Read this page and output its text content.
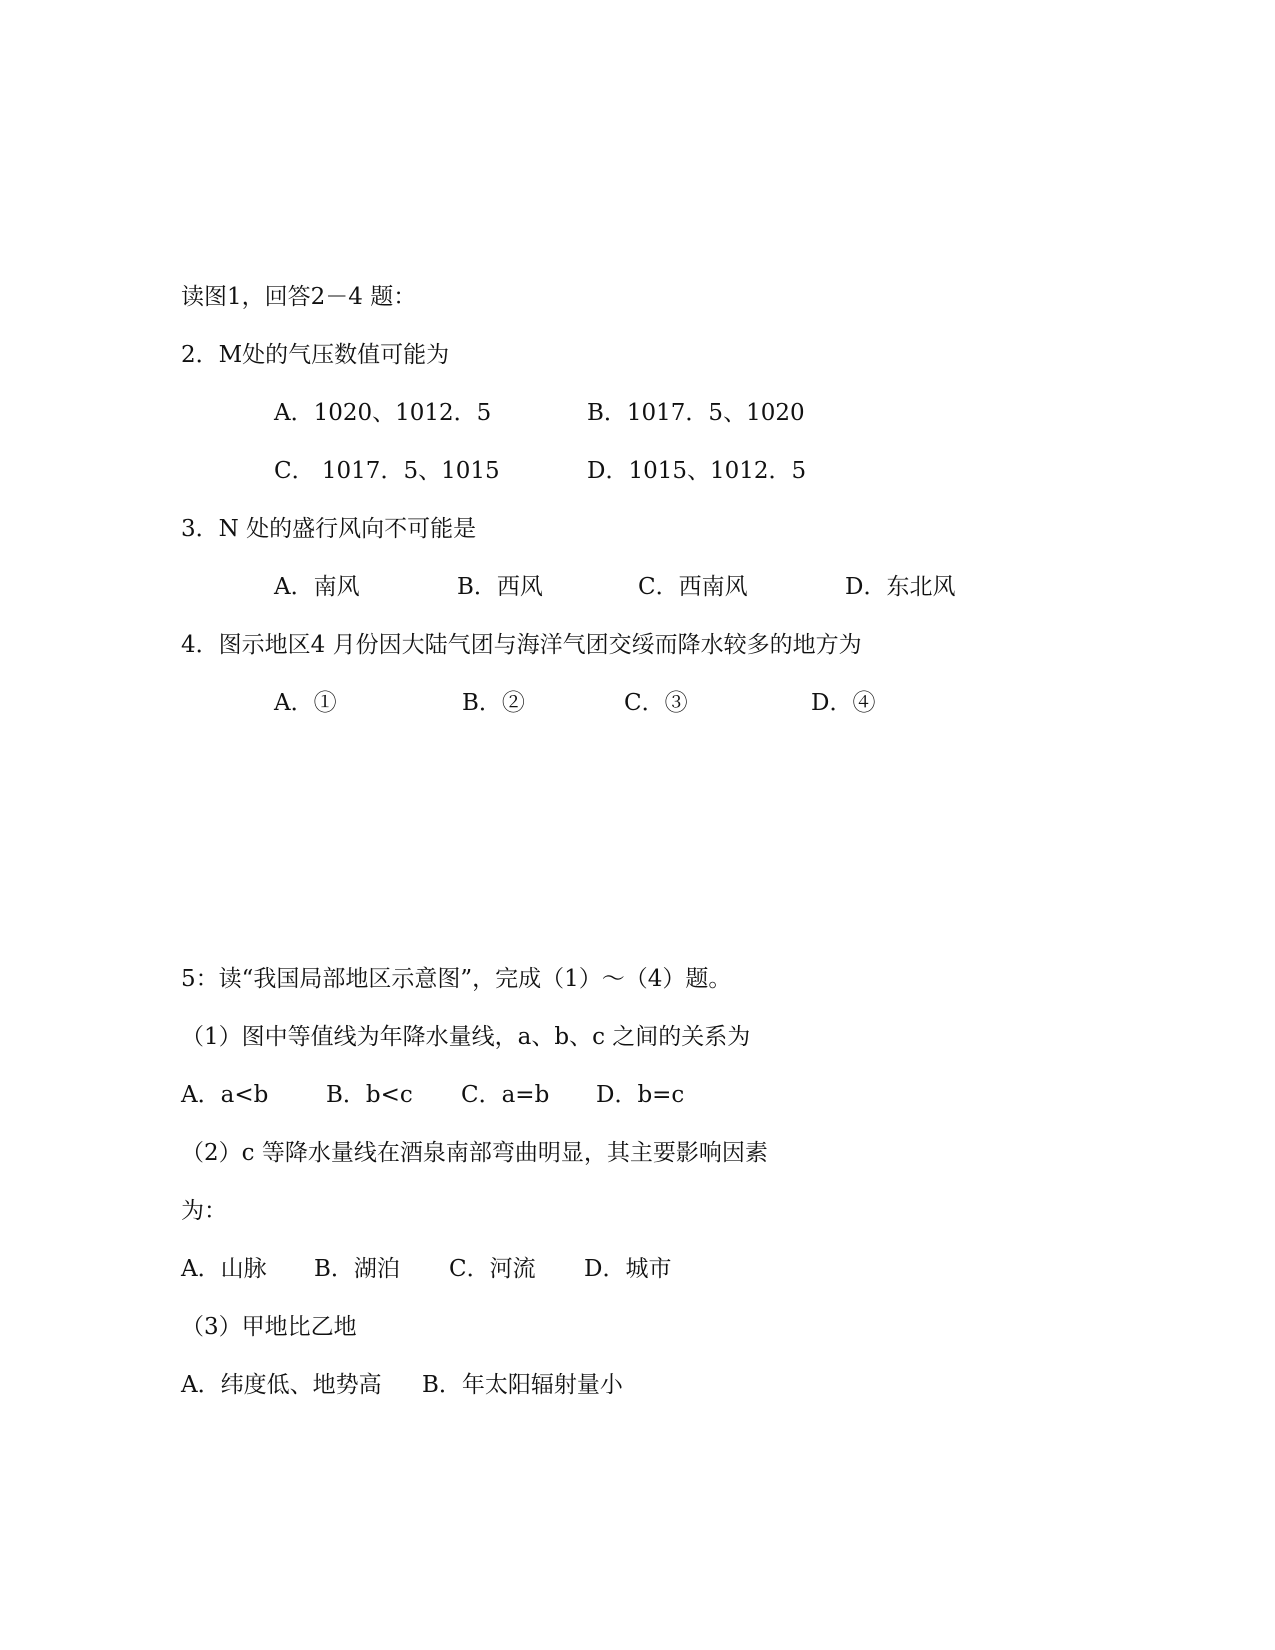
读图1，回答2－4 题：
2．M处的气压数值可能为
A．1020、1012．5	B．1017．5、1020
C． 1017．5、1015	D．1015、1012．5
3．N 处的盛行风向不可能是
A．南风	B．西风	C．西南风	D．东北风
4．图示地区4 月份因大陆气团与海洋气团交绥而降水较多的地方为
A．①	B．②	C．③	D．④
5：读“我国局部地区示意图”，完成（1）～（4）题。
（1）图中等值线为年降水量线，a、b、c 之间的关系为
A．a<b	B．b<c C．a=b D．b=c
（2）c 等降水量线在酒泉南部弯曲明显，其主要影响因素
为：
A．山脉 B．湖泊 C．河流 D．城市
（3）甲地比乙地
A．纬度低、地势高 B．年太阳辐射量小
